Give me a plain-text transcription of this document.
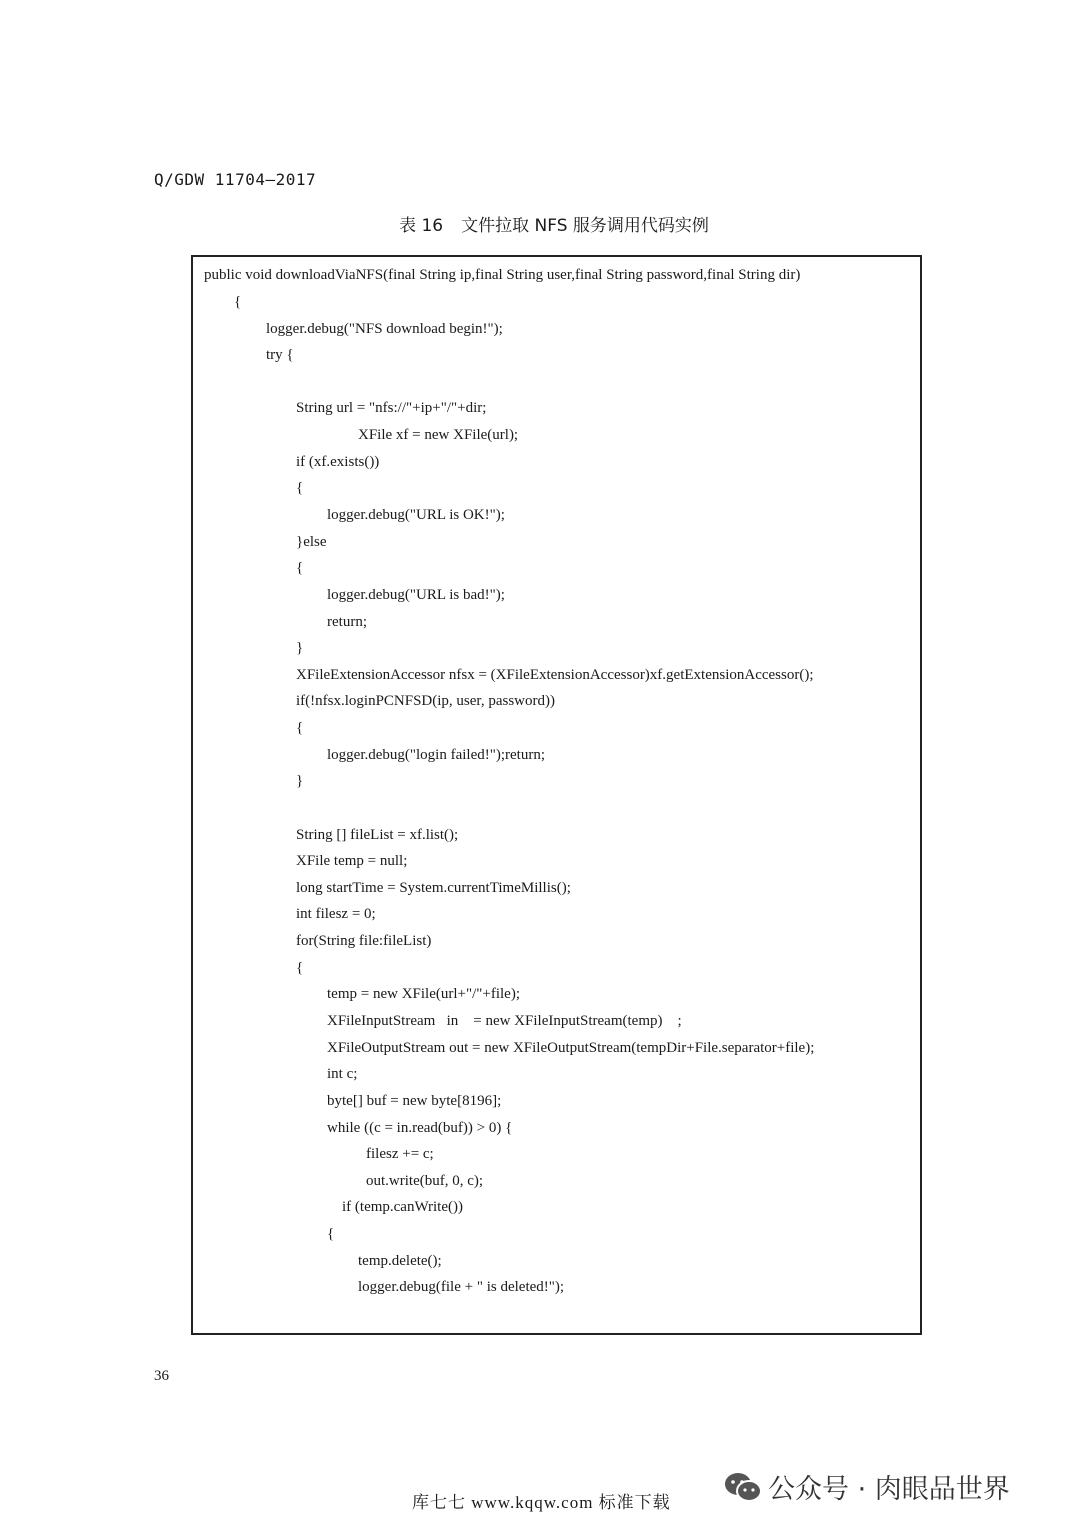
Q/GDW 11704—2017
表 16 文件拉取 NFS 服务调用代码实例
public void downloadViaNFS(final String ip,final String user,final String password,final String dir)
{
logger.debug("NFS download begin!");
try {
String url = "nfs://"+ip+"/"+dir;
XFile xf = new XFile(url);
if (xf.exists())
{
logger.debug("URL is OK!");
}else
{
logger.debug("URL is bad!");
return;
}
XFileExtensionAccessor nfsx = (XFileExtensionAccessor)xf.getExtensionAccessor();
if(!nfsx.loginPCNFSD(ip, user, password))
{
logger.debug("login failed!");return;
}
String [] fileList = xf.list();
XFile temp = null;
long startTime = System.currentTimeMillis();
int filesz = 0;
for(String file:fileList)
{
temp = new XFile(url+"/"+file);
XFileInputStream   in    = new XFileInputStream(temp)    ;
XFileOutputStream out = new XFileOutputStream(tempDir+File.separator+file);
int c;
byte[] buf = new byte[8196];
while ((c = in.read(buf)) > 0) {
filesz += c;
out.write(buf, 0, c);
if (temp.canWrite())
{
temp.delete();
logger.debug(file + " is deleted!");
36
库七七 www.kqqw.com 标准下载	公众号 · 肉眼品世界
